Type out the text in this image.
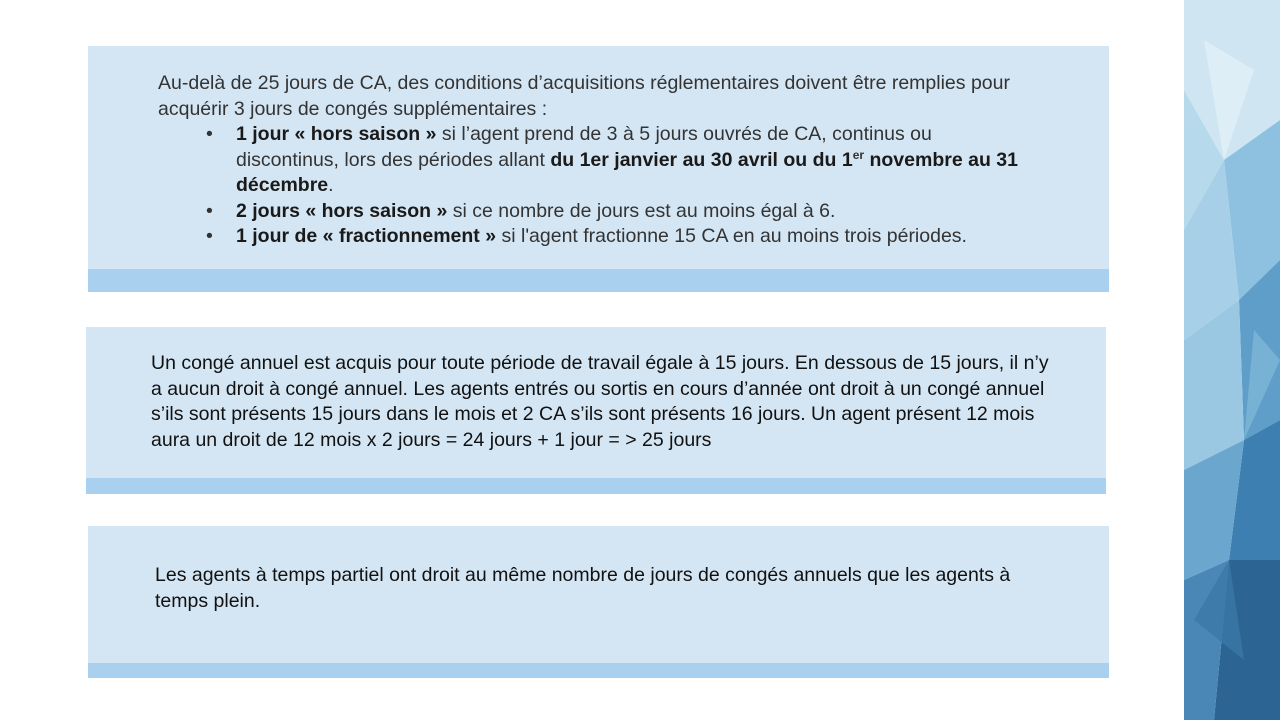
Au-delà de 25 jours de CA, des conditions d’acquisitions réglementaires doivent être remplies pour acquérir 3 jours de congés supplémentaires :

• 1 jour « hors saison » si l’agent prend de 3 à 5 jours ouvrés de CA, continus ou discontinus, lors des périodes allant du 1er janvier au 30 avril ou du 1er novembre au 31 décembre.
• 2 jours « hors saison » si ce nombre de jours est au moins égal à 6.
• 1 jour de « fractionnement » si l'agent fractionne 15 CA en au moins trois périodes.
Un congé annuel est acquis pour toute période de travail égale à 15 jours. En dessous de 15 jours, il n’y a aucun droit à congé annuel. Les agents entrés ou sortis en cours d’année ont droit à un congé annuel s’ils sont présents 15 jours dans le mois et 2 CA s’ils sont présents 16 jours. Un agent présent 12 mois aura un droit de 12 mois x 2 jours = 24 jours + 1 jour = > 25 jours
Les agents à temps partiel ont droit au même nombre de jours de congés annuels que les agents à temps plein.
